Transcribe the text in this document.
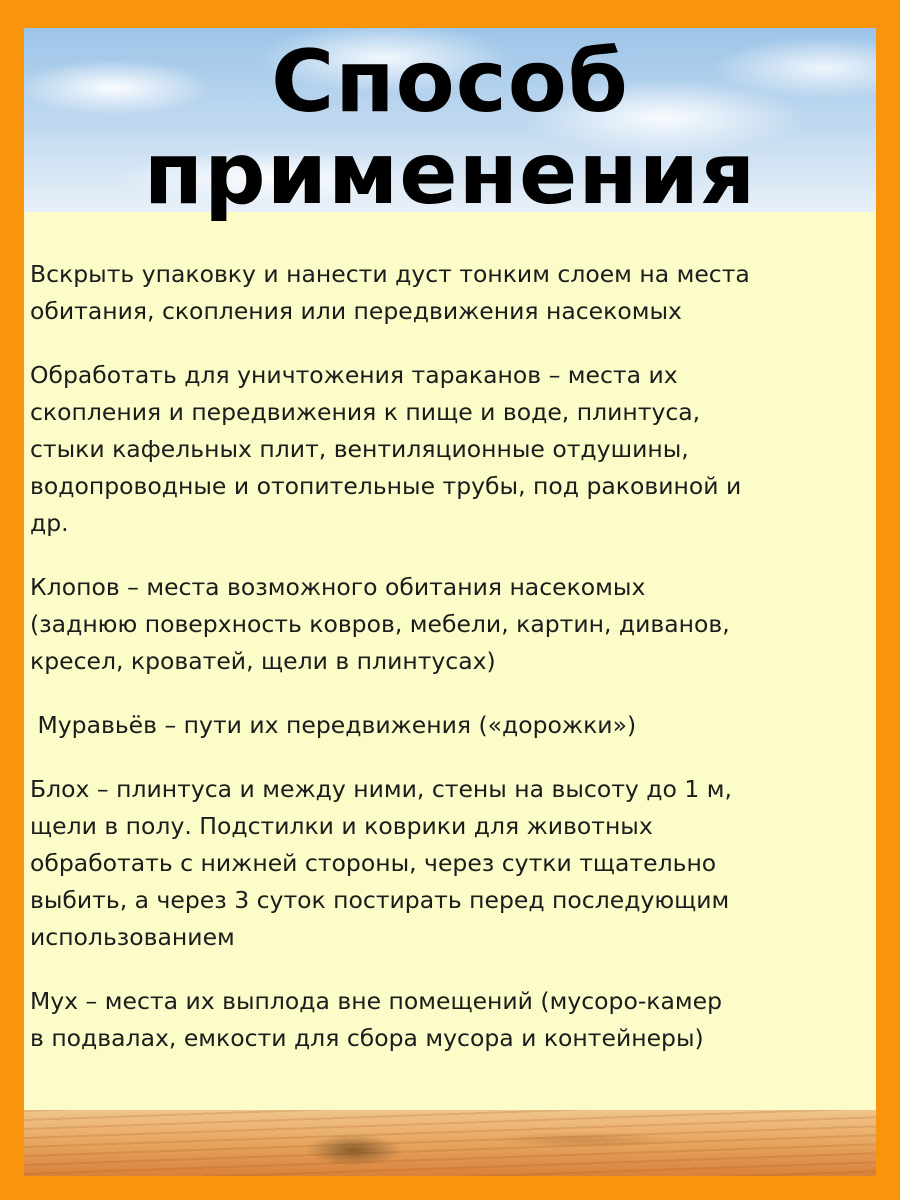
Способ
применения

Вскрыть упаковку и нанести дуст тонким слоем на места
обитания, скопления или передвижения насекомых

Обработать для уничтожения тараканов – места их
скопления и передвижения к пище и воде, плинтуса,
стыки кафельных плит, вентиляционные отдушины,
водопроводные и отопительные трубы, под раковиной и
др.

Клопов – места возможного обитания насекомых
(заднюю поверхность ковров, мебели, картин, диванов,
кресел, кроватей, щели в плинтусах)

Муравьёв – пути их передвижения («дорожки»)

Блох – плинтуса и между ними, стены на высоту до 1 м,
щели в полу. Подстилки и коврики для животных
обработать с нижней стороны, через сутки тщательно
выбить, а через 3 суток постирать перед последующим
использованием

Мух – места их выплода вне помещений (мусоро-камер
в подвалах, емкости для сбора мусора и контейнеры)
